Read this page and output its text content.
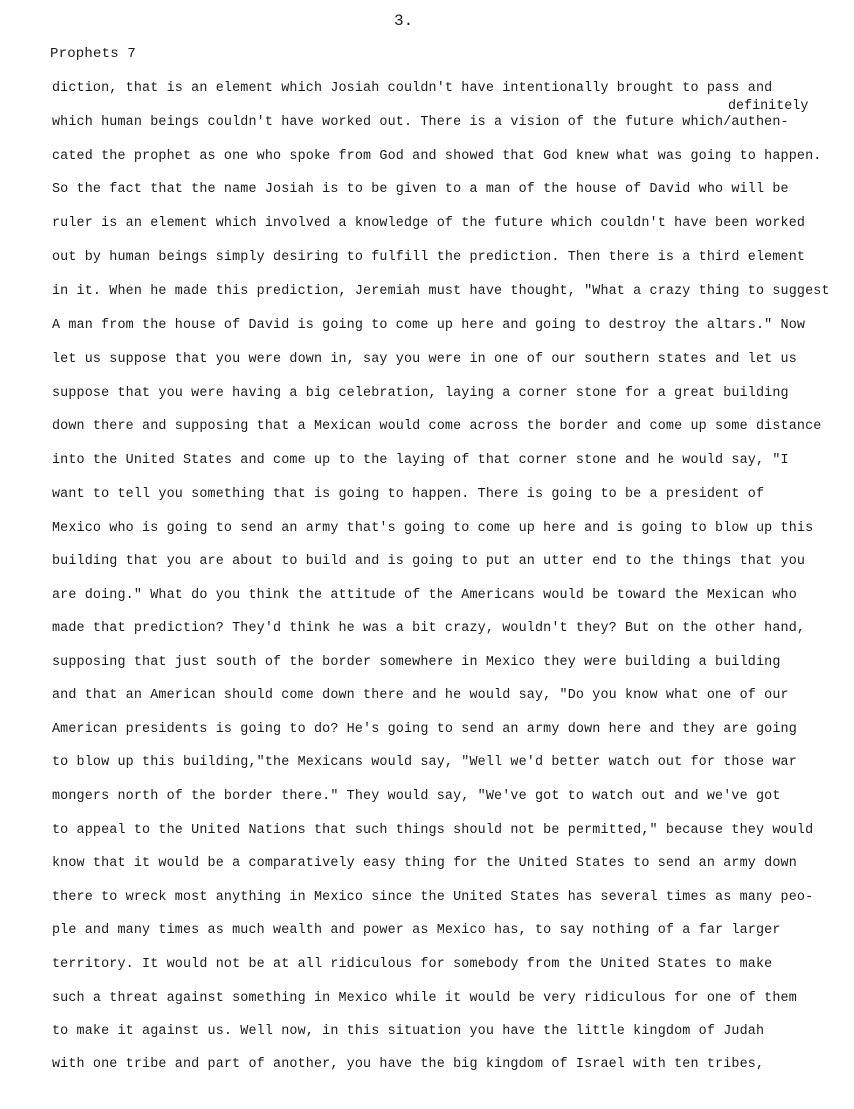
3.
Prophets 7
definitely
diction, that is an element which Josiah couldn't have intentionally brought to pass and
which human beings couldn't have worked out. There is a vision of the future which/authen-
cated the prophet as one who spoke from God and showed that God knew what was going to happen.
So the fact that the name Josiah is to be given to a man of the house of David who will be
ruler is an element which involved a knowledge of the future which couldn't have been worked
out by human beings simply desiring to fulfill the prediction. Then there is a third element
in it. When he made this prediction, Jeremiah must have thought, "What a crazy thing to suggest
A man from the house of David is going to come up here and going to destroy the altars." Now
let us suppose that you were down in, say you were in one of our southern states and let us
suppose that you were having a big celebration, laying a corner stone for a great building
down there and supposing that a Mexican would come across the border and come up some distance
into the United States and come up to the laying of that corner stone and he would say, "I
want to tell you something that is going to happen. There is going to be a president of
Mexico who is going to send an army that's going to come up here and is going to blow up this
building that you are about to build and is going to put an utter end to the things that you
are doing." What do you think the attitude of the Americans would be toward the Mexican who
made that prediction? They'd think he was a bit crazy, wouldn't they? But on the other hand,
supposing that just south of the border somewhere in Mexico they were building a building
and that an American should come down there and he would say, "Do you know what one of our
American presidents is going to do? He's going to send an army down here and they are going
to blow up this building,"the Mexicans would say, "Well we'd better watch out for those war
mongers north of the border there." They would say, "We've got to watch out and we've got
to appeal to the United Nations that such things should not be permitted," because they would
know that it would be a comparatively easy thing for the United States to send an army down
there to wreck most anything in Mexico since the United States has several times as many peo-
ple and many times as much wealth and power as Mexico has, to say nothing of a far larger
territory. It would not be at all ridiculous for somebody from the United States to make
such a threat against something in Mexico while it would be very ridiculous for one of them
to make it against us. Well now, in this situation you have the little kingdom of Judah
with one tribe and part of another, you have the big kingdom of Israel with ten tribes,
